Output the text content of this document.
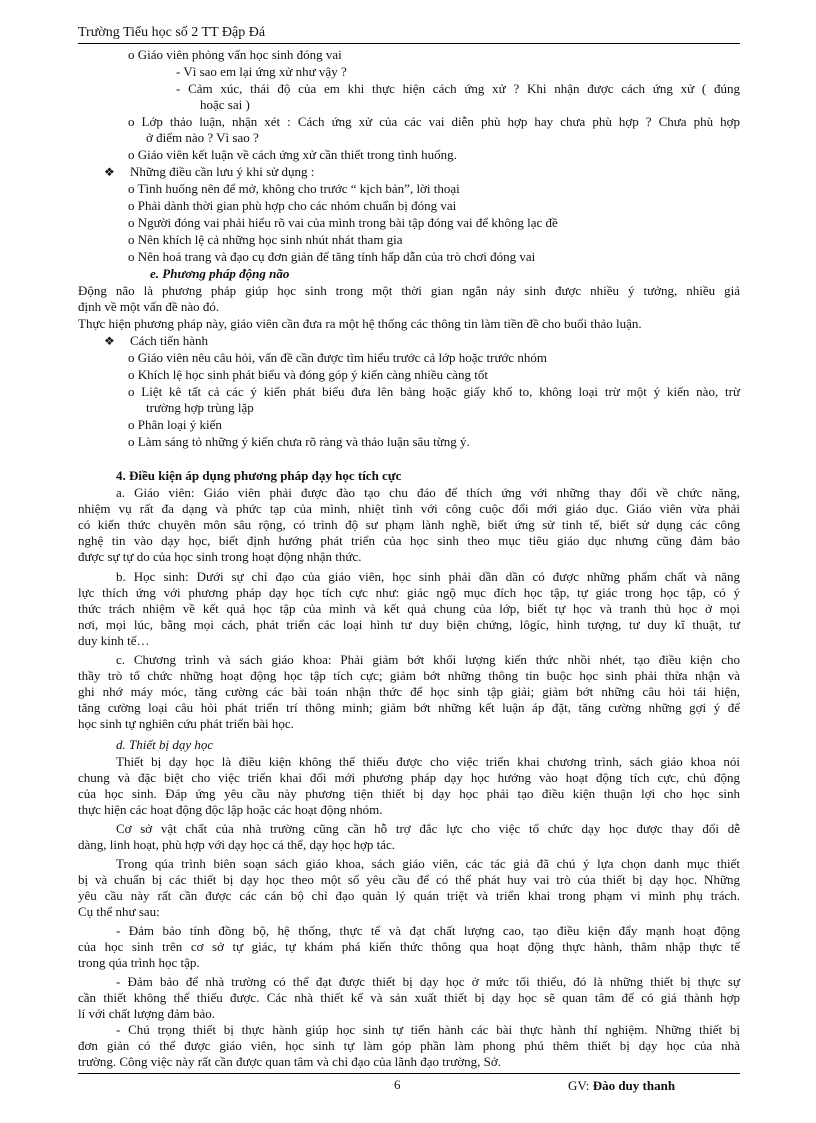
Trường Tiểu học số 2 TT Đập Đá
o Giáo viên phỏng vấn học sinh đóng vai
- Vì sao em lại ứng xử như vậy ?
- Cảm xúc, thái độ của em khi thực hiện cách ứng xử ? Khi nhận được cách ứng xử ( đúng
hoặc sai )
o Lớp thảo luận, nhận xét : Cách ứng xử của các vai diễn phù hợp hay chưa phù hợp ? Chưa phù hợp
ở điểm nào ? Vì sao ?
o Giáo viên kết luận về cách ứng xử cần thiết trong tình huống.
❖ Những điều cần lưu ý khi sử dụng :
o Tình huống nên để mở, không cho trước “ kịch bản”, lời thoại
o Phải dành thời gian phù hợp cho các nhóm chuẩn bị đóng vai
o Người đóng vai phải hiểu rõ vai của mình trong bài tập đóng vai để không lạc đề
o Nên khích lệ cả những học sinh nhút nhát tham gia
o Nên hoá trang và đạo cụ đơn giản để tăng tính hấp dẫn của trò chơi đóng vai
e. Phương pháp động não
Động não là phương pháp giúp học sinh trong một thời gian ngắn nảy sinh được nhiều ý tưởng, nhiều giả
định về một vấn đề nào đó.
Thực hiện phương pháp này, giáo viên cần đưa ra một hệ thống các thông tin làm tiền đề cho buổi thảo luận.
❖ Cách tiến hành
o Giáo viên nêu câu hỏi, vấn đề cần được tìm hiểu trước cả lớp hoặc trước nhóm
o Khích lệ học sinh phát biểu và đóng góp ý kiến càng nhiều càng tốt
o Liệt kê tất cả các ý kiến phát biểu đưa lên bảng hoặc giấy khổ to, không loại trừ một ý kiến nào, trừ
trường hợp trùng lặp
o Phân loại ý kiến
o Làm sáng tỏ những ý kiến chưa rõ ràng và thảo luận sâu từng ý.
4. Điều kiện áp dụng phương pháp dạy học tích cực
a. Giáo viên: Giáo viên phải được đào tạo chu đáo để thích ứng với những thay đổi về chức năng,
nhiệm vụ rất đa dạng và phức tạp của mình, nhiệt tình với công cuộc đổi mới giáo dục. Giáo viên vừa phải
có kiến thức chuyên môn sâu rộng, có trình độ sư phạm lành nghề, biết ứng sử tinh tế, biết sử dụng các công
nghệ tin vào dạy học, biết định hướng phát triển của học sinh theo mục tiêu giáo dục nhưng cũng đảm bảo
được sự tự do của học sinh trong hoạt động nhận thức.
b. Học sinh: Dưới sự chỉ đạo của giáo viên, học sinh phải dần dần có được những phẩm chất và năng
lực thích ứng với phương pháp dạy học tích cực như: giác ngộ mục đích học tập, tự giác trong học tập, có ý
thức trách nhiệm về kết quả học tập của mình và kết quả chung của lớp, biết tự học và tranh thủ học ở mọi
nơi, mọi lúc, bằng mọi cách, phát triển các loại hình tư duy biện chứng, lôgíc, hình tượng, tư duy kĩ thuật, tư
duy kinh tế…
c. Chương trình và sách giáo khoa: Phải giảm bớt khối lượng kiến thức nhồi nhét, tạo điều kiện cho
thầy trò tổ chức những hoạt động học tập tích cực; giảm bớt những thông tin buộc học sinh phải thừa nhận và
ghi nhớ máy móc, tăng cường các bài toán nhận thức để học sinh tập giải; giảm bớt những câu hỏi tái hiện,
tăng cường loại câu hỏi phát triển trí thông minh; giảm bớt những kết luận áp đặt, tăng cường những gợi ý để
học sinh tự nghiên cứu phát triển bài học.
d. Thiết bị dạy học
Thiết bị dạy học là điều kiện không thể thiếu được cho việc triển khai chương trình, sách giáo khoa nói
chung và đặc biệt cho việc triển khai đổi mới phương pháp dạy học hướng vào hoạt động tích cực, chủ động
của học sinh. Đáp ứng yêu cầu này phương tiện thiết bị dạy học phải tạo điều kiện thuận lợi cho học sinh
thực hiện các hoạt động độc lập hoặc các hoạt động nhóm.
Cơ sở vật chất của nhà trường cũng cần hỗ trợ đắc lực cho việc tổ chức dạy học được thay đổi dễ
dàng, linh hoạt, phù hợp với dạy học cá thể, dạy học hợp tác.
Trong qúa trình biên soạn sách giáo khoa, sách giáo viên, các tác giả đã chú ý lựa chọn danh mục thiết
bị và chuẩn bị các thiết bị dạy học theo một số yêu cầu để có thể phát huy vai trò của thiết bị dạy học. Những
yêu cầu này rất cần được các cán bộ chỉ đạo quản lý quán triệt và triển khai trong phạm vi mình phụ trách.
Cụ thể như sau:
- Đảm bảo tính đồng bộ, hệ thống, thực tế và đạt chất lượng cao, tạo điều kiện đẩy mạnh hoạt động
của học sinh trên cơ sở tự giác, tự khám phá kiến thức thông qua hoạt động thực hành, thâm nhập thực tế
trong qúa trình học tập.
- Đảm bảo để nhà trường có thể đạt được thiết bị dạy học ở mức tối thiểu, đó là những thiết bị thực sự
cần thiết không thể thiếu được. Các nhà thiết kế và sản xuất thiết bị dạy học sẽ quan tâm để có giá thành hợp
lí với chất lượng đảm bảo.
- Chú trọng thiết bị thực hành giúp học sinh tự tiến hành các bài thực hành thí nghiệm. Những thiết bị
đơn giản có thể được giáo viên, học sinh tự làm góp phần làm phong phú thêm thiết bị dạy học của nhà
trường. Công việc này rất cần được quan tâm và chỉ đạo của lãnh đạo trường, Sở.
6	GV: Đào duy thanh
